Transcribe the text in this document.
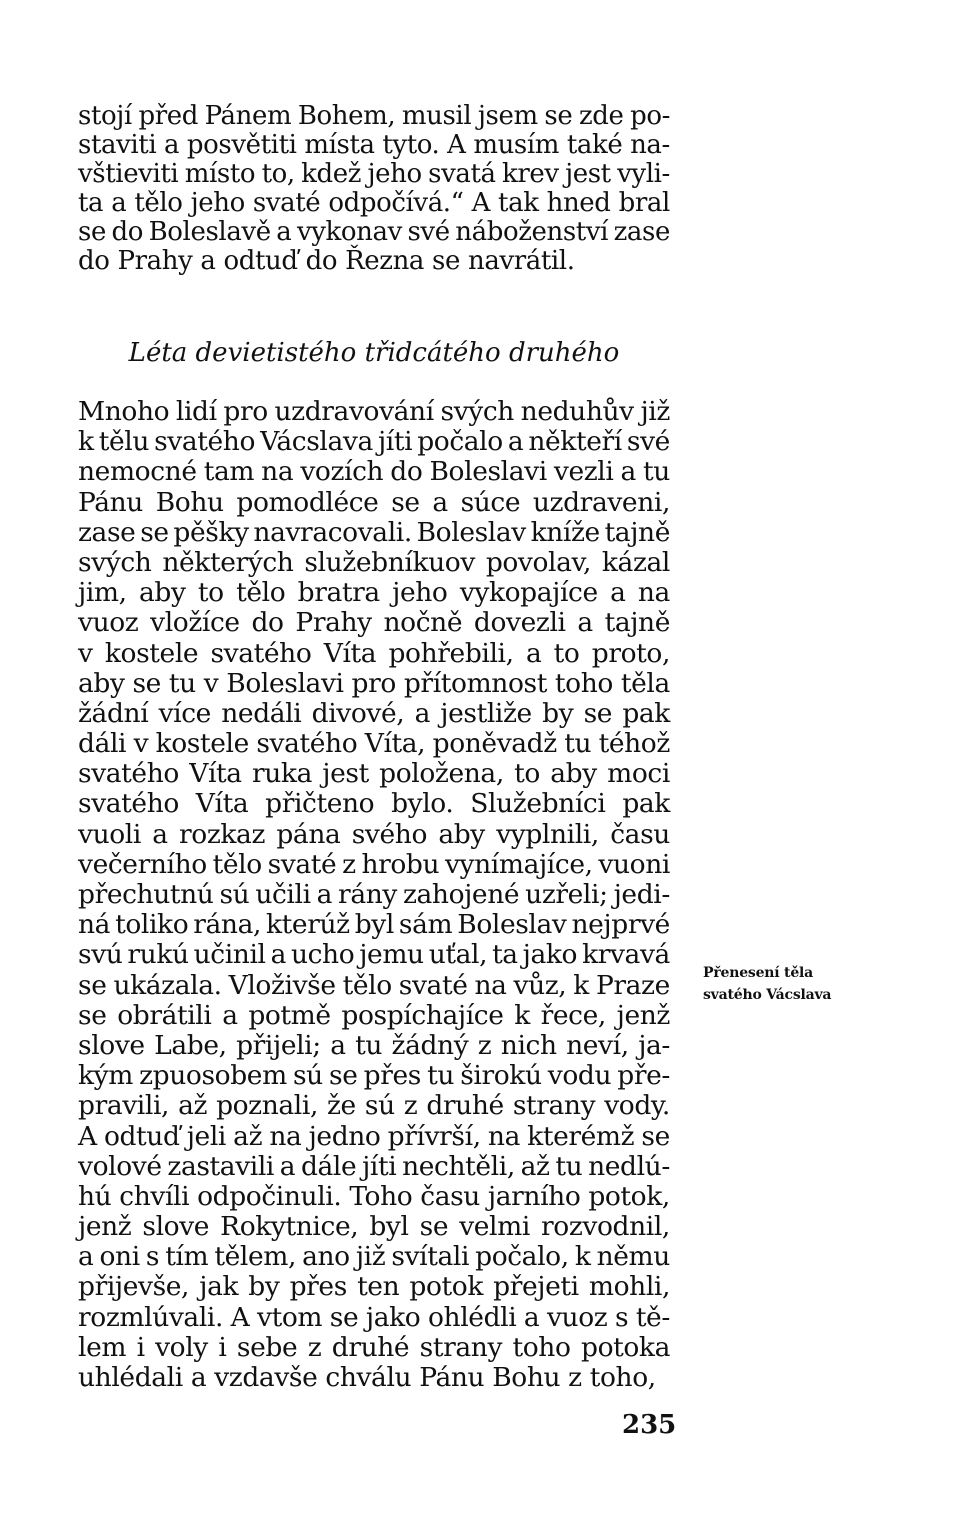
stojí před Pánem Bohem, musil jsem se zde po-
staviti a posvětiti místa tyto. A musím také na-
vštieviti místo to, kdež jeho svatá krev jest vyli-
ta a tělo jeho svaté odpočívá.“ A tak hned bral
se do Boleslavě a vykonav své náboženství zase
do Prahy a odtuď do Řezna se navrátil.
Léta devietistého třidcátého druhého
Mnoho lidí pro uzdravování svých neduhův již
k tělu svatého Vácslava jíti počalo a někteří své
nemocné tam na vozích do Boleslavi vezli a tu
Pánu Bohu pomodléce se a súce uzdraveni,
zase se pěšky navracovali. Boleslav kníže tajně
svých některých služebníkuov povolav, kázal
jim, aby to tělo bratra jeho vykopajíce a na
vuoz vložíce do Prahy nočně dovezli a tajně
v kostele svatého Víta pohřebili, a to proto,
aby se tu v Boleslavi pro přítomnost toho těla
žádní více nedáli divové, a jestliže by se pak
dáli v kostele svatého Víta, poněvadž tu téhož
svatého Víta ruka jest položena, to aby moci
svatého Víta přičteno bylo. Služebníci pak
vuoli a rozkaz pána svého aby vyplnili, času
večerního tělo svaté z hrobu vynímajíce, vuoni
přechutnú sú učili a rány zahojené uzřeli; jedi-
ná toliko rána, kterúž byl sám Boleslav nejprvé
svú rukú učinil a ucho jemu uťal, ta jako krvavá
se ukázala. Vloživše tělo svaté na vůz, k Praze
se obrátili a potmě pospíchajíce k řece, jenž
slove Labe, přijeli; a tu žádný z nich neví, ja-
kým zpuosobem sú se přes tu širokú vodu pře-
pravili, až poznali, že sú z druhé strany vody.
A odtuď jeli až na jedno přívrší, na kterémž se
volové zastavili a dále jíti nechtěli, až tu nedlú-
hú chvíli odpočinuli. Toho času jarního potok,
jenž slove Rokytnice, byl se velmi rozvodnil,
a oni s tím tělem, ano již svítali počalo, k němu
přijevše, jak by přes ten potok přejeti mohli,
rozmlúvali. A vtom se jako ohlédli a vuoz s tě-
lem i voly i sebe z druhé strany toho potoka
uhlédali a vzdavše chválu Pánu Bohu z toho,
Přenesení těla
svatého Vácslava
235
